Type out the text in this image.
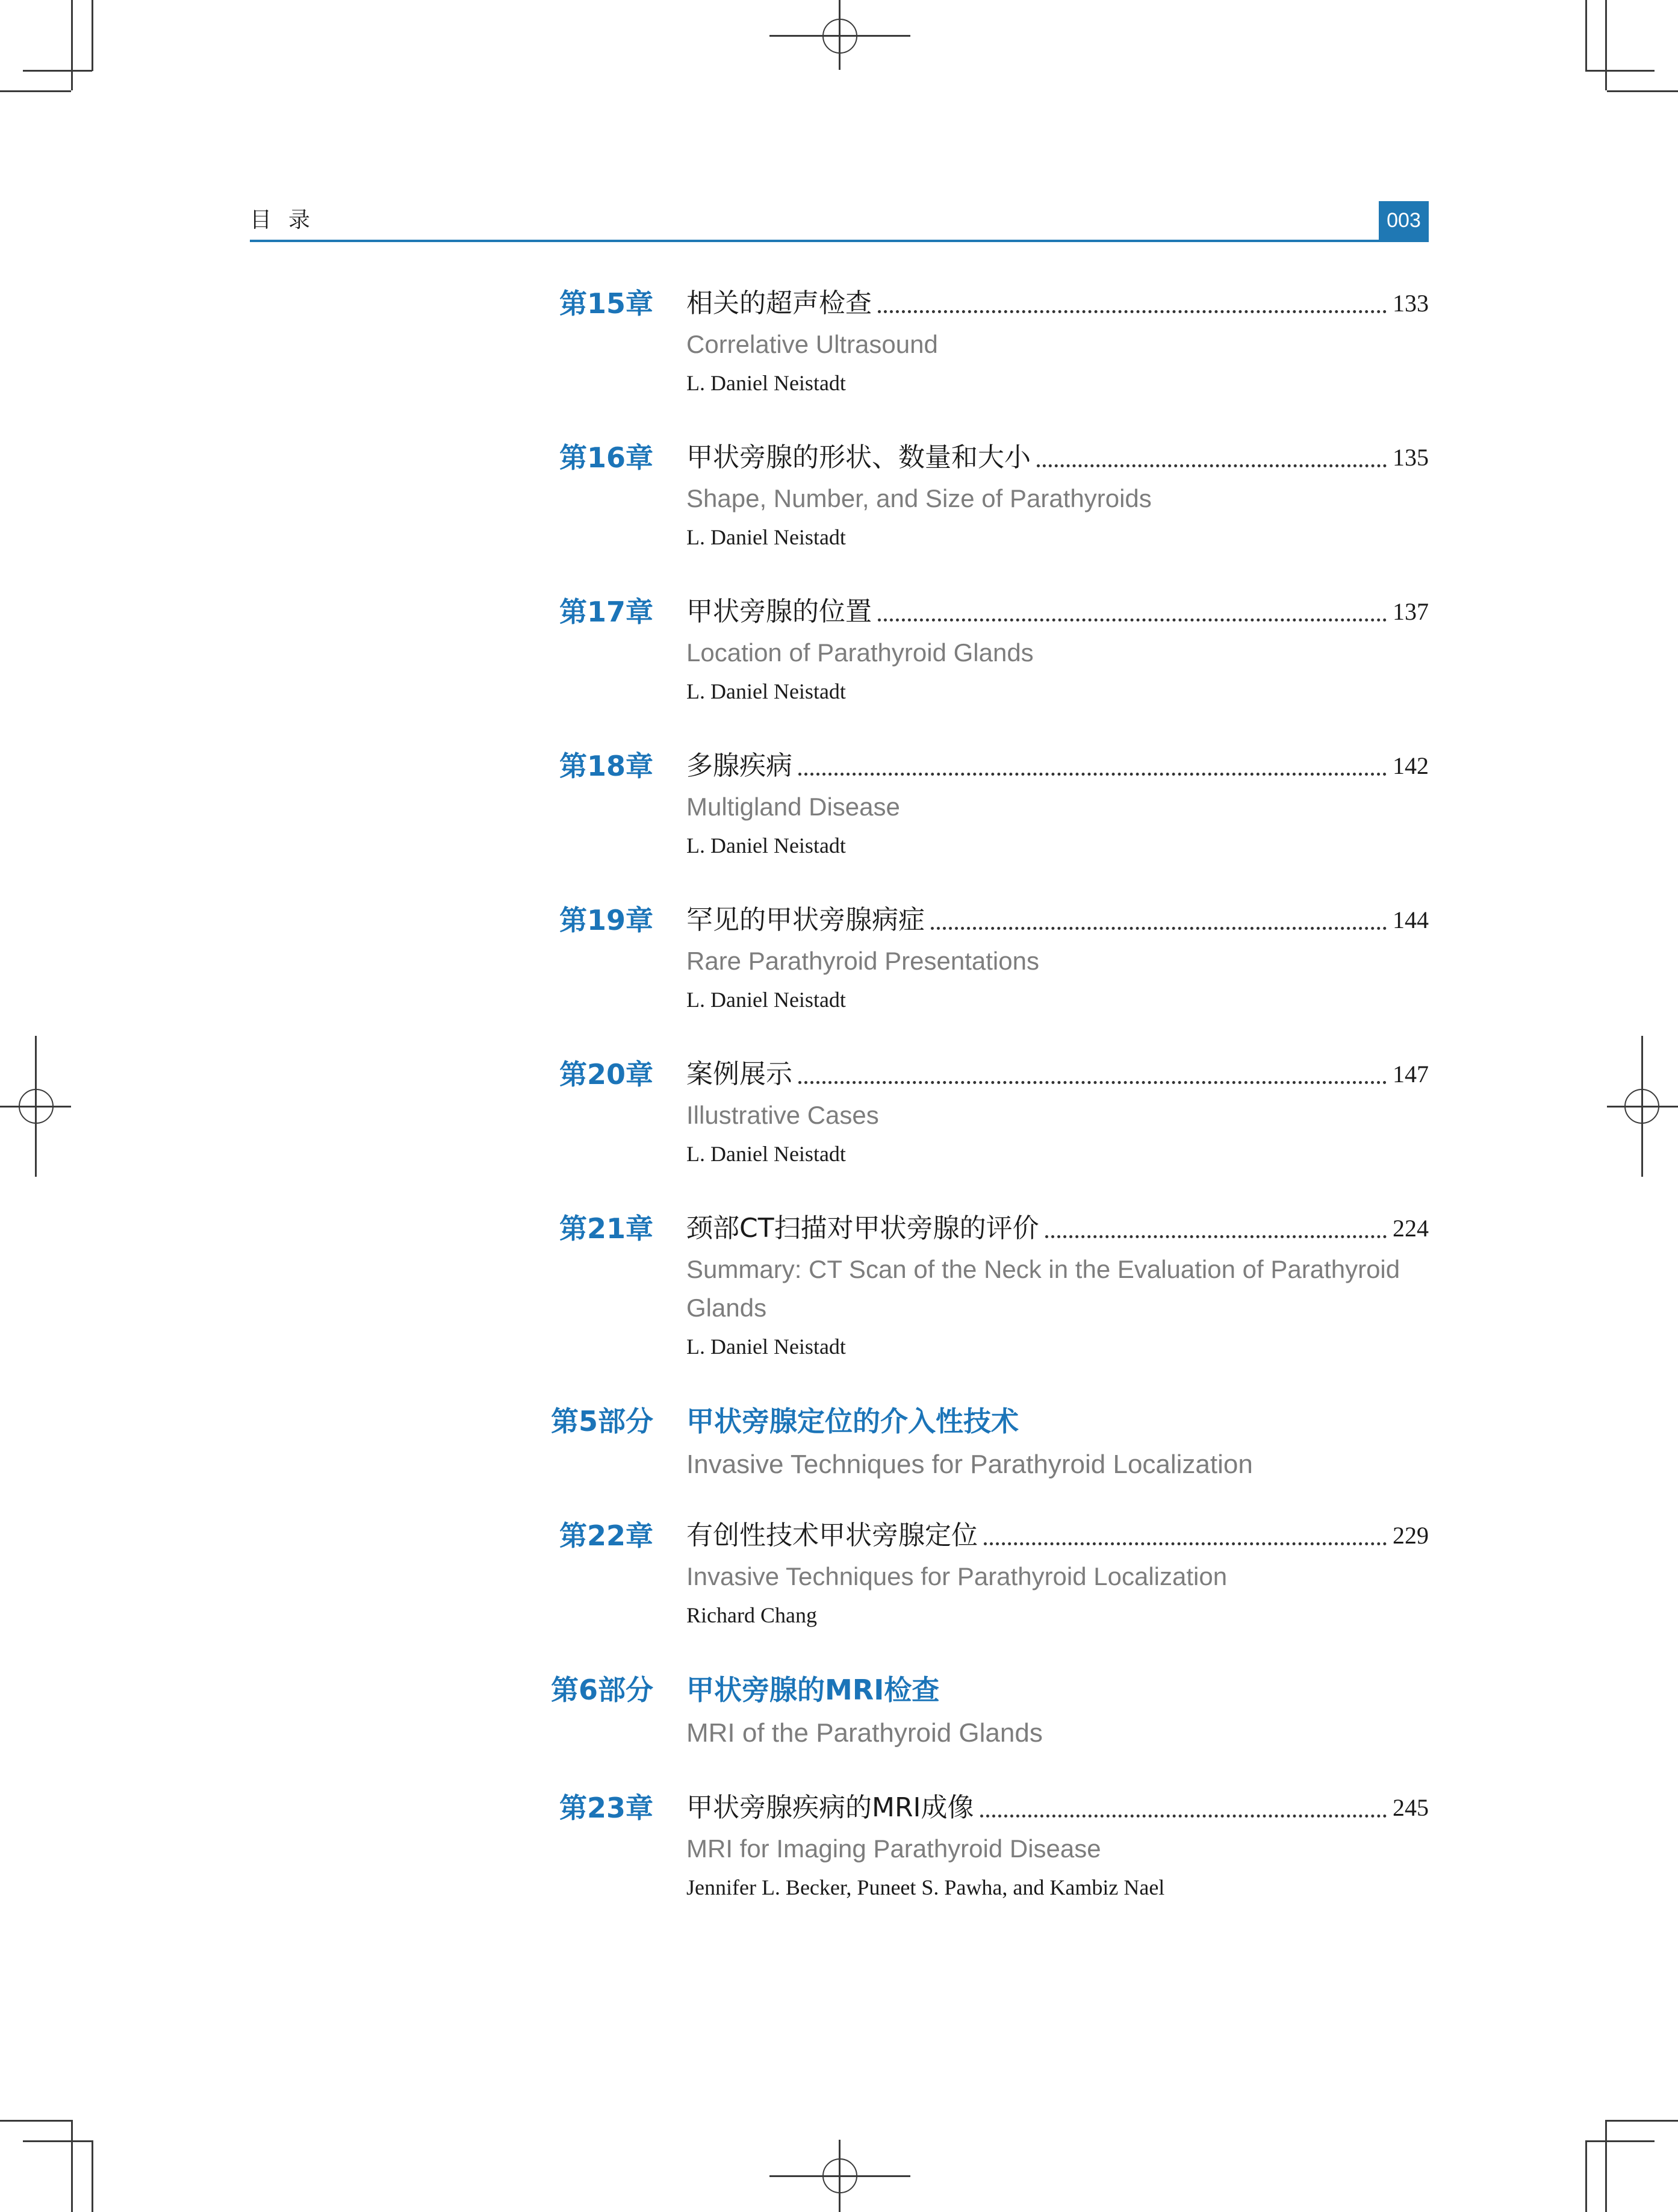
目录	003
第15章 相关的超声检查	133
Correlative Ultrasound
L. Daniel Neistadt
第16章 甲状旁腺的形状、数量和大小	135
Shape, Number, and Size of Parathyroids
L. Daniel Neistadt
第17章 甲状旁腺的位置	137
Location of Parathyroid Glands
L. Daniel Neistadt
第18章 多腺疾病	142
Multigland Disease
L. Daniel Neistadt
第19章 罕见的甲状旁腺病症	144
Rare Parathyroid Presentations
L. Daniel Neistadt
第20章 案例展示	147
Illustrative Cases
L. Daniel Neistadt
第21章 颈部CT扫描对甲状旁腺的评价	224
Summary: CT Scan of the Neck in the Evaluation of Parathyroid Glands
L. Daniel Neistadt
第5部分 甲状旁腺定位的介入性技术
Invasive Techniques for Parathyroid Localization
第22章 有创性技术甲状旁腺定位	229
Invasive Techniques for Parathyroid Localization
Richard Chang
第6部分 甲状旁腺的MRI检查
MRI of the Parathyroid Glands
第23章 甲状旁腺疾病的MRI成像	245
MRI for Imaging Parathyroid Disease
Jennifer L. Becker, Puneet S. Pawha, and Kambiz Nael
